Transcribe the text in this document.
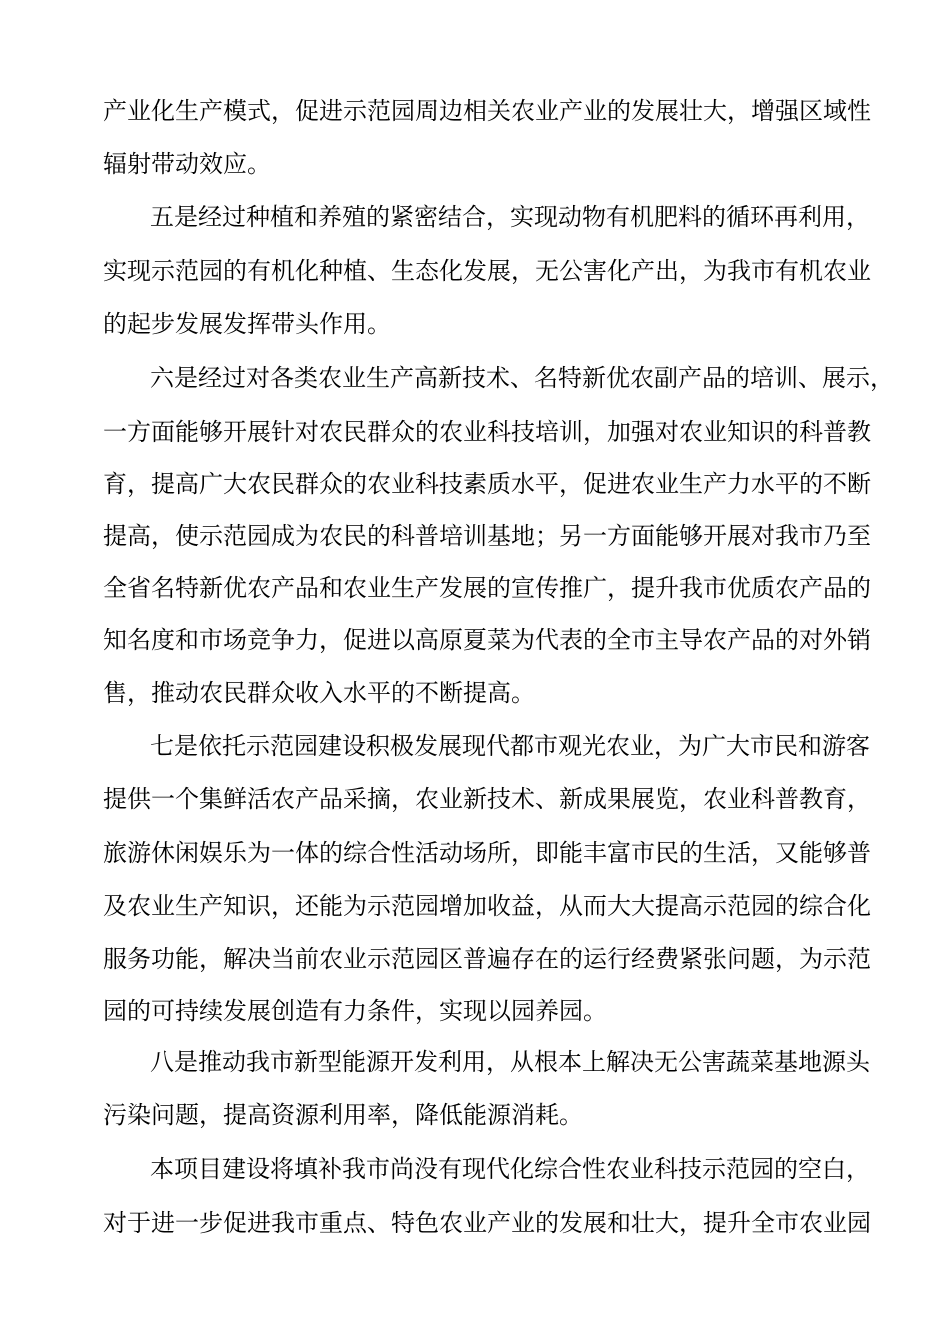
产业化生产模式，促进示范园周边相关农业产业的发展壮大，增强区域性
辐射带动效应。
五是经过种植和养殖的紧密结合，实现动物有机肥料的循环再利用，
实现示范园的有机化种植、生态化发展，无公害化产出，为我市有机农业
的起步发展发挥带头作用。
六是经过对各类农业生产高新技术、名特新优农副产品的培训、展示，
一方面能够开展针对农民群众的农业科技培训，加强对农业知识的科普教
育，提高广大农民群众的农业科技素质水平，促进农业生产力水平的不断
提高，使示范园成为农民的科普培训基地；另一方面能够开展对我市乃至
全省名特新优农产品和农业生产发展的宣传推广，提升我市优质农产品的
知名度和市场竞争力，促进以高原夏菜为代表的全市主导农产品的对外销
售，推动农民群众收入水平的不断提高。
七是依托示范园建设积极发展现代都市观光农业，为广大市民和游客
提供一个集鲜活农产品采摘，农业新技术、新成果展览，农业科普教育，
旅游休闲娱乐为一体的综合性活动场所，即能丰富市民的生活，又能够普
及农业生产知识，还能为示范园增加收益，从而大大提高示范园的综合化
服务功能，解决当前农业示范园区普遍存在的运行经费紧张问题，为示范
园的可持续发展创造有力条件，实现以园养园。
八是推动我市新型能源开发利用，从根本上解决无公害蔬菜基地源头
污染问题，提高资源利用率，降低能源消耗。
本项目建设将填补我市尚没有现代化综合性农业科技示范园的空白，
对于进一步促进我市重点、特色农业产业的发展和壮大，提升全市农业园
